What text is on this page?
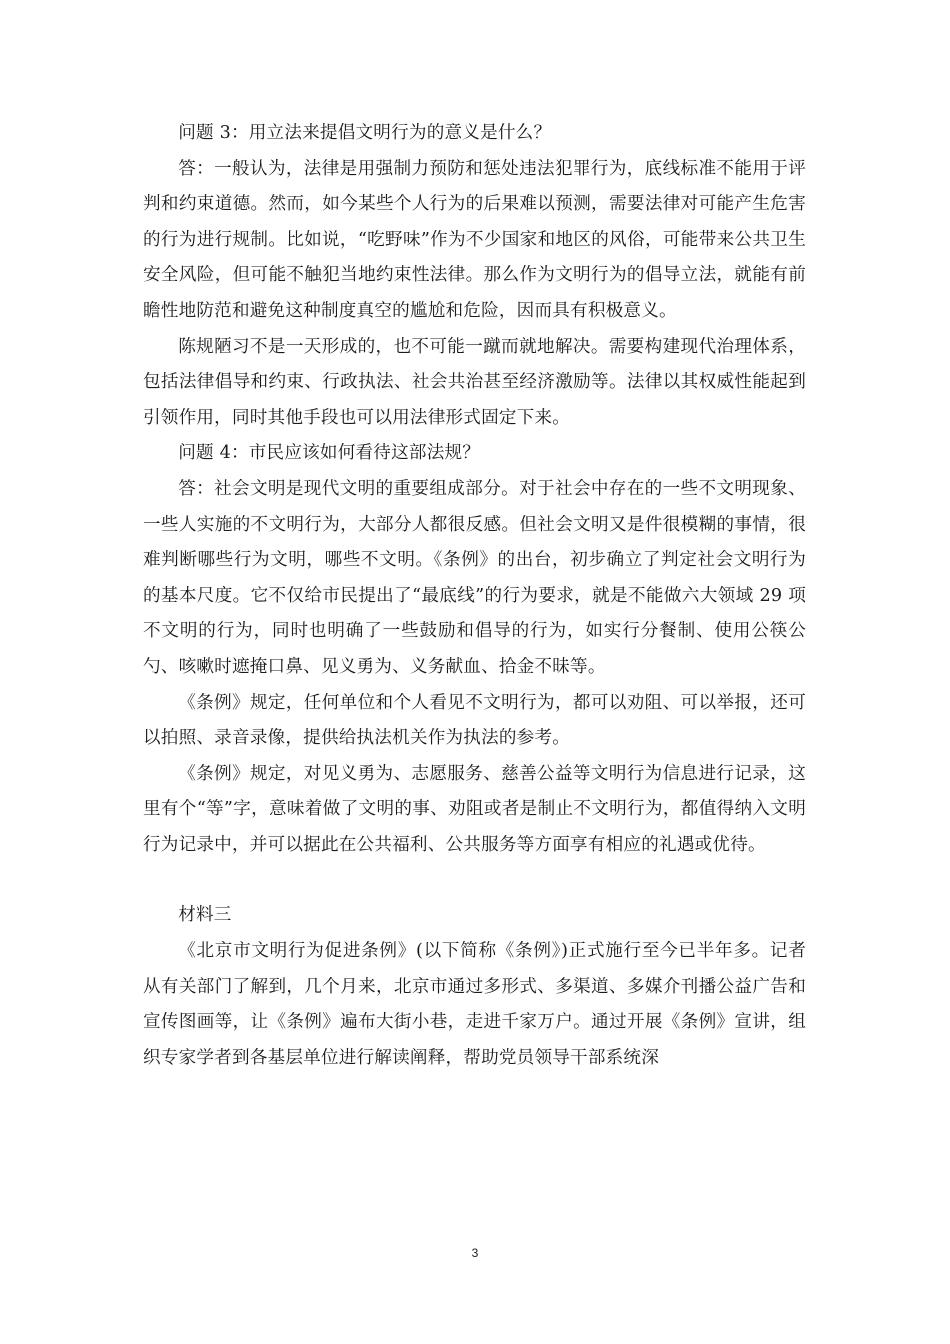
问题 3：用立法来提倡文明行为的意义是什么？

答：一般认为，法律是用强制力预防和惩处违法犯罪行为，底线标准不能用于评判和约束道德。然而，如今某些个人行为的后果难以预测，需要法律对可能产生危害的行为进行规制。比如说，“吃野味”作为不少国家和地区的风俗，可能带来公共卫生安全风险，但可能不触犯当地约束性法律。那么作为文明行为的倡导立法，就能有前瞻性地防范和避免这种制度真空的尴尬和危险，因而具有积极意义。

陈规陋习不是一天形成的，也不可能一蹴而就地解决。需要构建现代治理体系，包括法律倡导和约束、行政执法、社会共治甚至经济激励等。法律以其权威性能起到引领作用，同时其他手段也可以用法律形式固定下来。

问题 4：市民应该如何看待这部法规？

答：社会文明是现代文明的重要组成部分。对于社会中存在的一些不文明现象、一些人实施的不文明行为，大部分人都很反感。但社会文明又是件很模糊的事情，很难判断哪些行为文明，哪些不文明。《条例》的出台，初步确立了判定社会文明行为的基本尺度。它不仅给市民提出了“最底线”的行为要求，就是不能做六大领域 29 项不文明的行为，同时也明确了一些鼓励和倡导的行为，如实行分餐制、使用公筷公勺、咳嗽时遮掩口鼻、见义勇为、义务献血、拾金不昧等。

《条例》规定，任何单位和个人看见不文明行为，都可以劝阻、可以举报，还可以拍照、录音录像，提供给执法机关作为执法的参考。

《条例》规定，对见义勇为、志愿服务、慈善公益等文明行为信息进行记录，这里有个“等”字，意味着做了文明的事、劝阻或者是制止不文明行为，都值得纳入文明行为记录中，并可以据此在公共福利、公共服务等方面享有相应的礼遇或优待。

材料三

《北京市文明行为促进条例》(以下简称《条例》)正式施行至今已半年多。记者从有关部门了解到，几个月来，北京市通过多形式、多渠道、多媒介刊播公益广告和宣传图画等，让《条例》遍布大街小巷，走进千家万户。通过开展《条例》宣讲，组织专家学者到各基层单位进行解读阐释，帮助党员领导干部系统深

3
